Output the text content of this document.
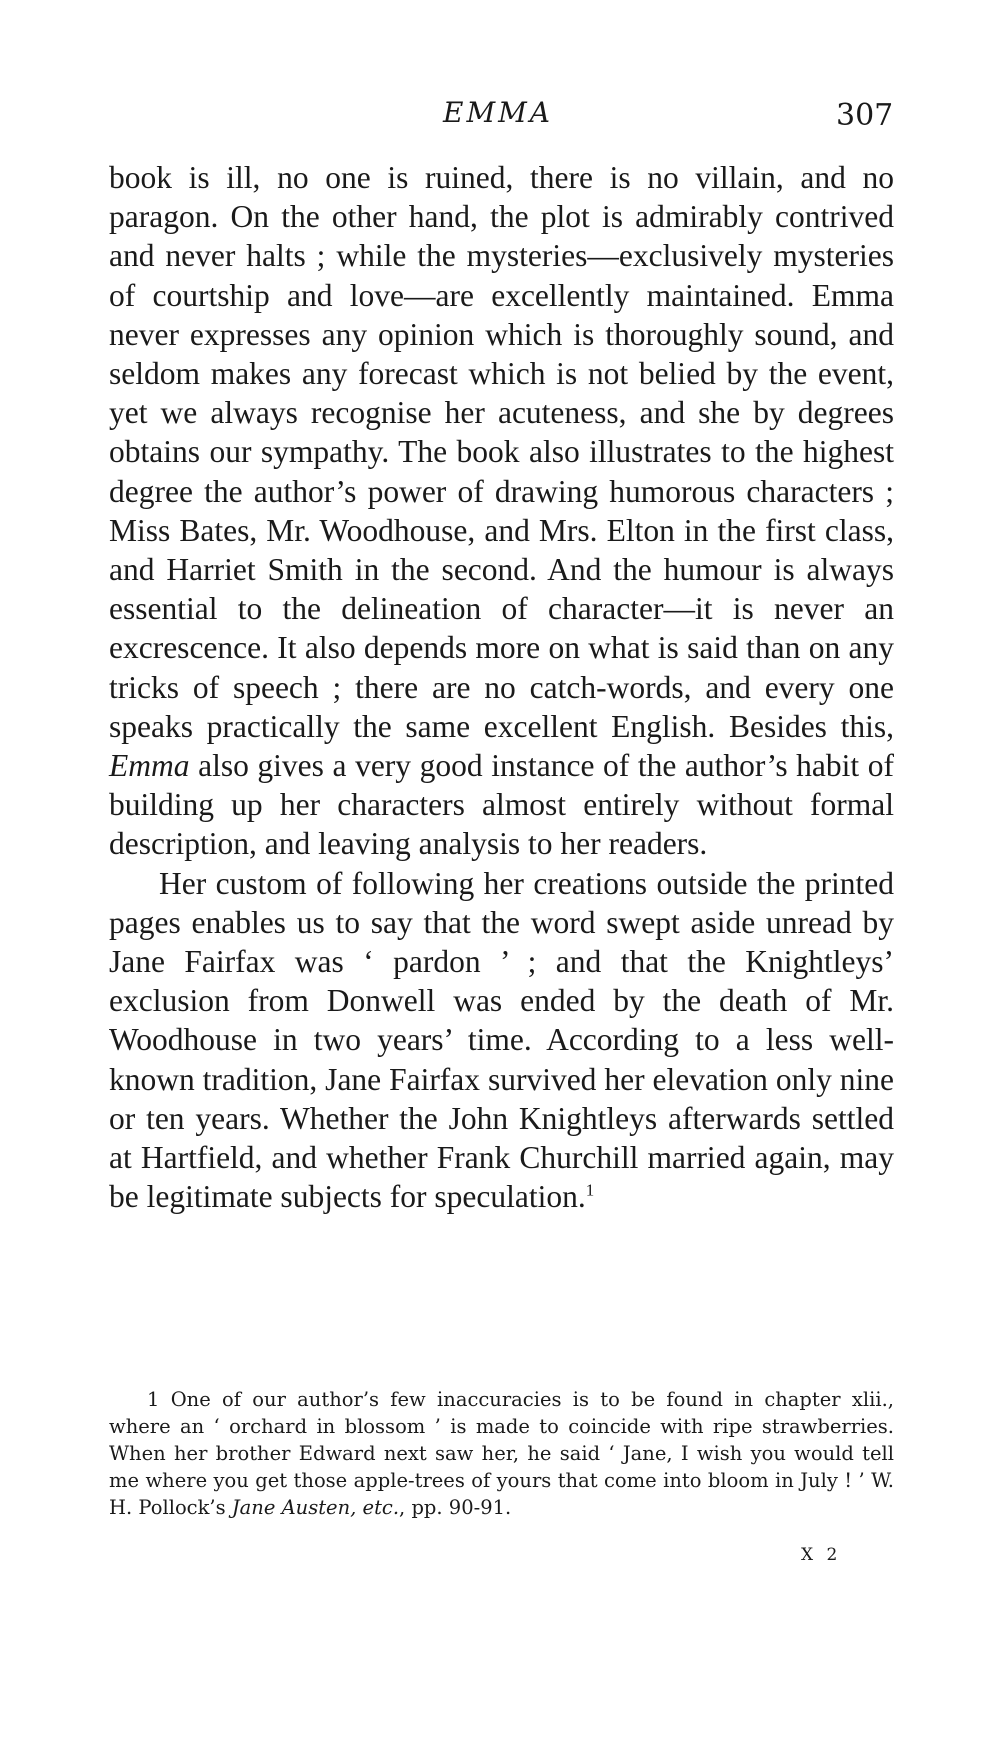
EMMA	307

book is ill, no one is ruined, there is no villain, and no paragon. On the other hand, the plot is admirably contrived and never halts ; while the mysteries—exclusively mysteries of courtship and love—are excellently maintained. Emma never expresses any opinion which is thoroughly sound, and seldom makes any forecast which is not belied by the event, yet we always recognise her acuteness, and she by degrees obtains our sympathy. The book also illustrates to the highest degree the author’s power of drawing humorous characters ; Miss Bates, Mr. Woodhouse, and Mrs. Elton in the first class, and Harriet Smith in the second. And the humour is always essential to the delineation of character—it is never an excrescence. It also depends more on what is said than on any tricks of speech ; there are no catch-words, and every one speaks practically the same excellent English. Besides this, Emma also gives a very good instance of the author’s habit of building up her characters almost entirely without formal description, and leaving analysis to her readers.

Her custom of following her creations outside the printed pages enables us to say that the word swept aside unread by Jane Fairfax was ‘ pardon ’ ; and that the Knightleys’ exclusion from Donwell was ended by the death of Mr. Woodhouse in two years’ time. According to a less well-known tradition, Jane Fairfax survived her elevation only nine or ten years. Whether the John Knightleys afterwards settled at Hartfield, and whether Frank Churchill married again, may be legitimate subjects for speculation.$^1$

1 One of our author’s few inaccuracies is to be found in chapter xlii., where an ‘ orchard in blossom ’ is made to coincide with ripe strawberries. When her brother Edward next saw her, he said ‘ Jane, I wish you would tell me where you get those apple-trees of yours that come into bloom in July ! ’ W. H. Pollock’s Jane Austen, etc., pp. 90-91.
X 2
